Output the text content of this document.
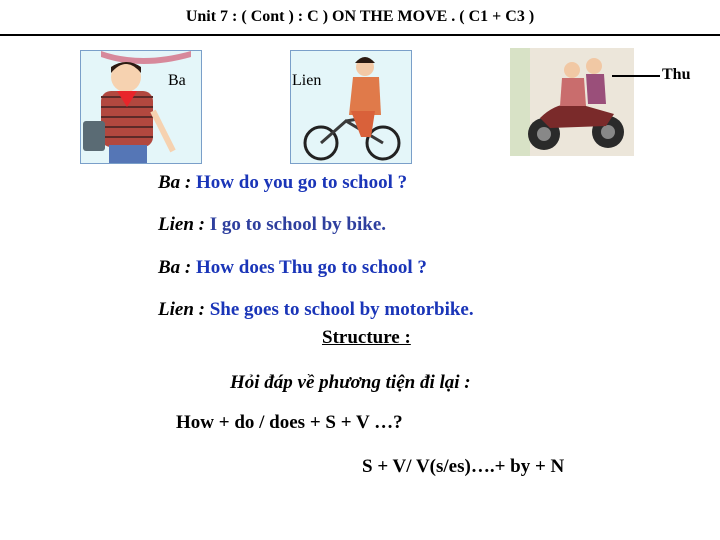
Unit 7 : ( Cont ) : C ) ON THE MOVE . ( C1 + C3 )
Ba	Lien	Thu
Ba : How do you go to school ?
Lien : I go to school by bike.
Ba : How does Thu go to school ?
Lien : She goes to school by motorbike.
Structure :
Hỏi đáp về phương tiện đi lại :
How + do / does + S + V …?
S + V/ V(s/es)….+ by + N
